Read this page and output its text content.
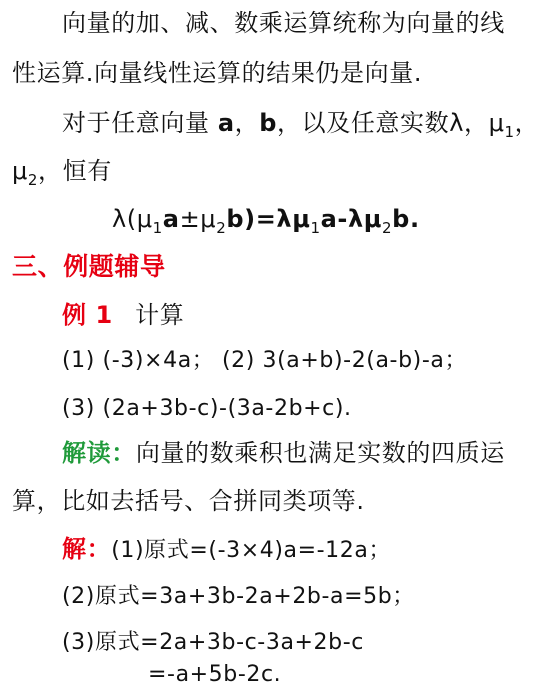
向量的加、减、数乘运算统称为向量的线
性运算.向量线性运算的结果仍是向量.
对于任意向量 a，b，以及任意实数λ，$\mu_1$，
$\mu_2$，恒有
$\lambda(\mu_1a\pm\mu_2b)=\lambda\mu_1a-\lambda\mu_2b$.
三、例题辅导
例 1 计算
(1) (-3)×4a； (2) 3(a+b)-2(a-b)-a；
(3) (2a+3b-c)-(3a-2b+c).
解读：向量的数乘积也满足实数的四质运
算，比如去括号、合拼同类项等.
解：(1)原式=(-3×4)a=-12a；
(2)原式=3a+3b-2a+2b-a=5b；
(3)原式=2a+3b-c-3a+2b-c
=-a+5b-2c.
